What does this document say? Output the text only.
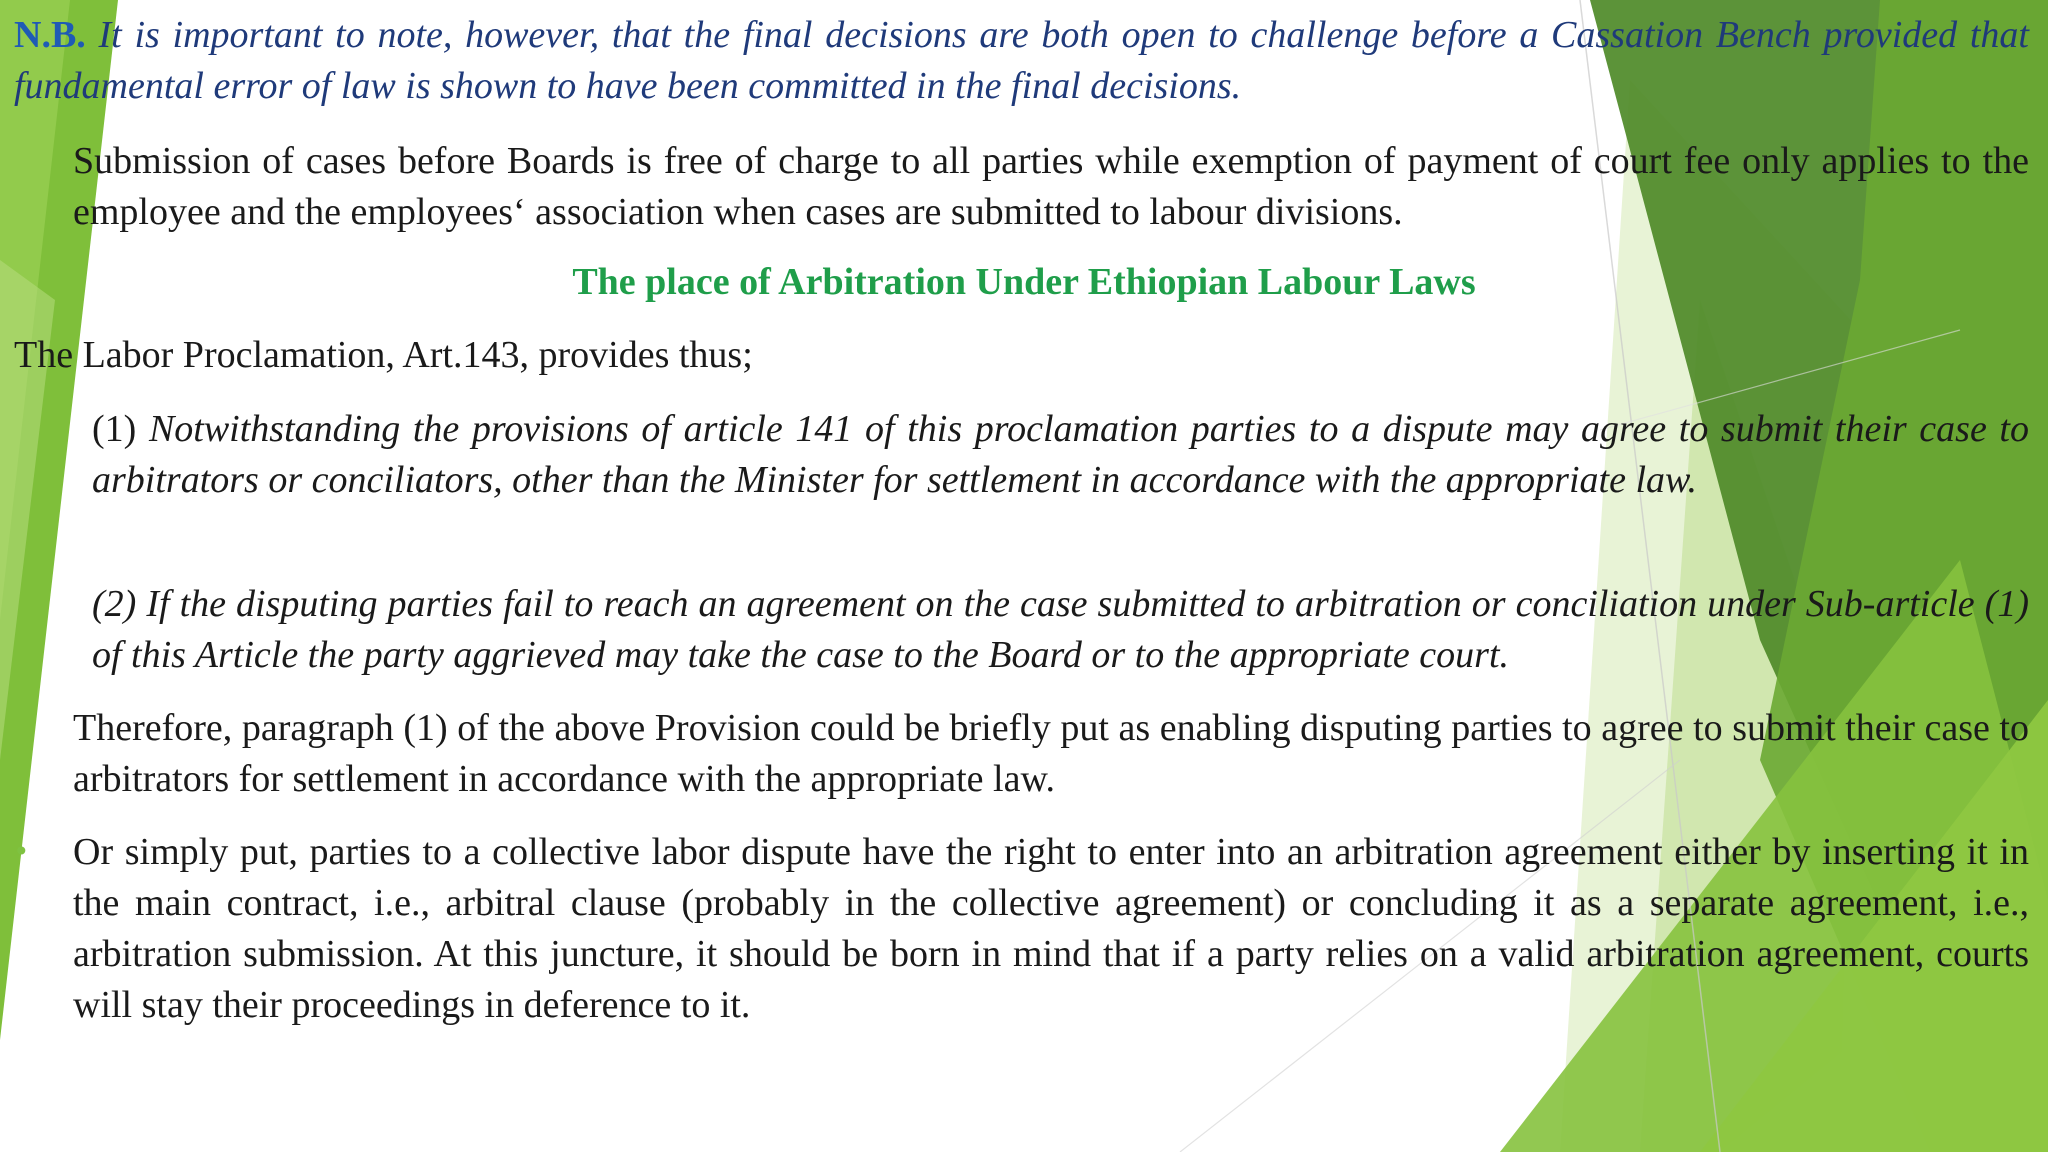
N.B. It is important to note, however, that the final decisions are both open to challenge before a Cassation Bench provided that fundamental error of law is shown to have been committed in the final decisions.

Submission of cases before Boards is free of charge to all parties while exemption of payment of court fee only applies to the employee and the employees‘ association when cases are submitted to labour divisions.

The place of Arbitration Under Ethiopian Labour Laws

The Labor Proclamation, Art.143, provides thus;

(1) Notwithstanding the provisions of article 141 of this proclamation parties to a dispute may agree to submit their case to arbitrators or conciliators, other than the Minister for settlement in accordance with the appropriate law.

(2) If the disputing parties fail to reach an agreement on the case submitted to arbitration or conciliation under Sub-article (1) of this Article the party aggrieved may take the case to the Board or to the appropriate court.

Therefore, paragraph (1) of the above Provision could be briefly put as enabling disputing parties to agree to submit their case to arbitrators for settlement in accordance with the appropriate law.

• Or simply put, parties to a collective labor dispute have the right to enter into an arbitration agreement either by inserting it in the main contract, i.e., arbitral clause (probably in the collective agreement) or concluding it as a separate agreement, i.e., arbitration submission. At this juncture, it should be born in mind that if a party relies on a valid arbitration agreement, courts will stay their proceedings in deference to it.
